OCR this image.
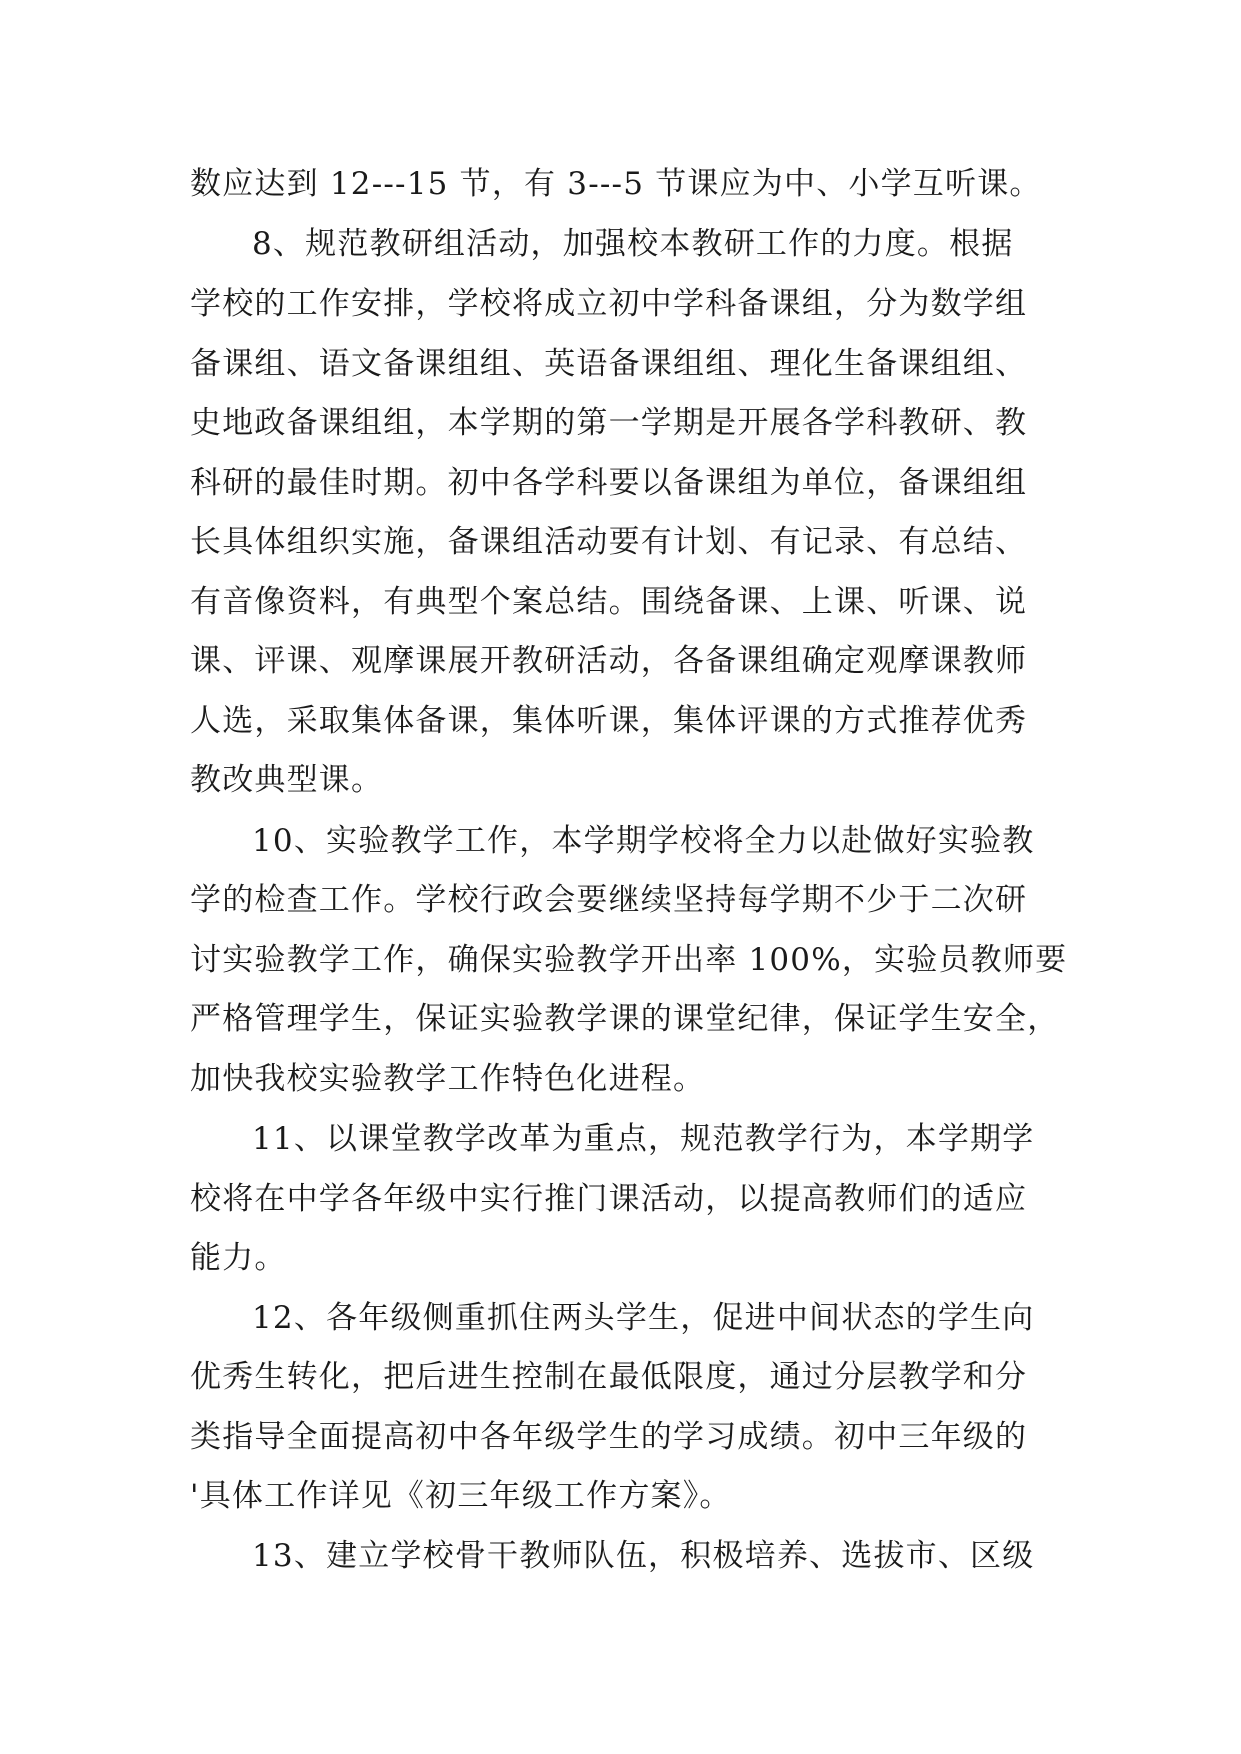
数应达到 12---15 节，有 3---5 节课应为中、小学互听课。
8、规范教研组活动，加强校本教研工作的力度。根据
学校的工作安排，学校将成立初中学科备课组，分为数学组
备课组、语文备课组组、英语备课组组、理化生备课组组、
史地政备课组组，本学期的第一学期是开展各学科教研、教
科研的最佳时期。初中各学科要以备课组为单位，备课组组
长具体组织实施，备课组活动要有计划、有记录、有总结、
有音像资料，有典型个案总结。围绕备课、上课、听课、说
课、评课、观摩课展开教研活动，各备课组确定观摩课教师
人选，采取集体备课，集体听课，集体评课的方式推荐优秀
教改典型课。
10、实验教学工作，本学期学校将全力以赴做好实验教
学的检查工作。学校行政会要继续坚持每学期不少于二次研
讨实验教学工作，确保实验教学开出率 100%，实验员教师要
严格管理学生，保证实验教学课的课堂纪律，保证学生安全，
加快我校实验教学工作特色化进程。
11、以课堂教学改革为重点，规范教学行为，本学期学
校将在中学各年级中实行推门课活动，以提高教师们的适应
能力。
12、各年级侧重抓住两头学生，促进中间状态的学生向
优秀生转化，把后进生控制在最低限度，通过分层教学和分
类指导全面提高初中各年级学生的学习成绩。初中三年级的
'具体工作详见《初三年级工作方案》。
13、建立学校骨干教师队伍，积极培养、选拔市、区级
